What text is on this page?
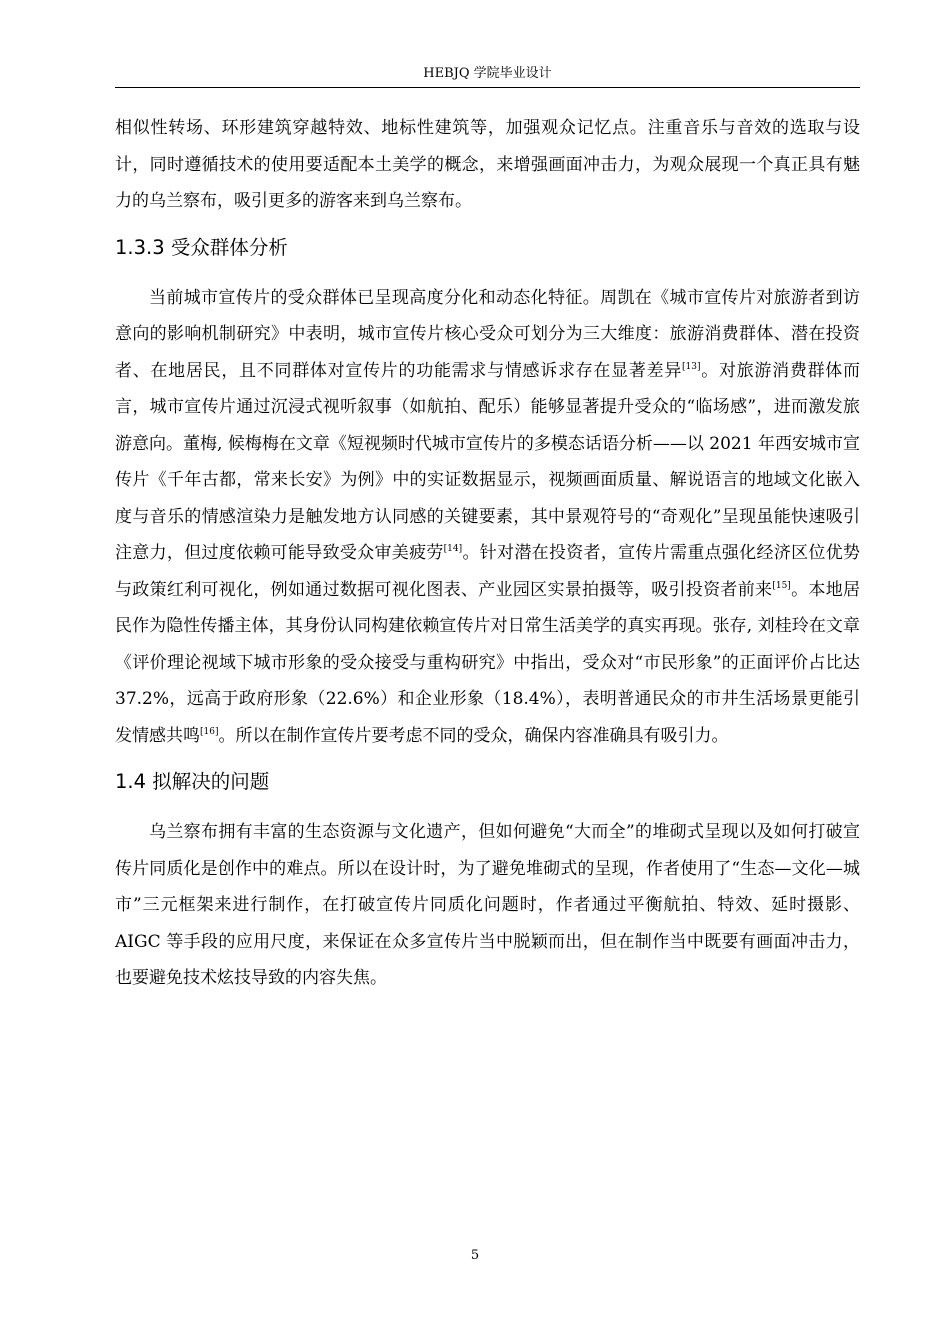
HEBJQ 学院毕业设计

相似性转场、环形建筑穿越特效、地标性建筑等，加强观众记忆点。注重音乐与音效的选取与设计，同时遵循技术的使用要适配本土美学的概念，来增强画面冲击力，为观众展现一个真正具有魅力的乌兰察布，吸引更多的游客来到乌兰察布。

1.3.3 受众群体分析

当前城市宣传片的受众群体已呈现高度分化和动态化特征。周凯在《城市宣传片对旅游者到访意向的影响机制研究》中表明，城市宣传片核心受众可划分为三大维度：旅游消费群体、潜在投资者、在地居民，且不同群体对宣传片的功能需求与情感诉求存在显著差异[13]。对旅游消费群体而言，城市宣传片通过沉浸式视听叙事（如航拍、配乐）能够显著提升受众的“临场感”，进而激发旅游意向。董梅, 候梅梅在文章《短视频时代城市宣传片的多模态话语分析——以 2021 年西安城市宣传片《千年古都，常来长安》为例》中的实证数据显示，视频画面质量、解说语言的地域文化嵌入度与音乐的情感渲染力是触发地方认同感的关键要素，其中景观符号的“奇观化”呈现虽能快速吸引注意力，但过度依赖可能导致受众审美疲劳[14]。针对潜在投资者，宣传片需重点强化经济区位优势与政策红利可视化，例如通过数据可视化图表、产业园区实景拍摄等，吸引投资者前来[15]。本地居民作为隐性传播主体，其身份认同构建依赖宣传片对日常生活美学的真实再现。张存, 刘桂玲在文章《评价理论视域下城市形象的受众接受与重构研究》中指出，受众对“市民形象”的正面评价占比达 37.2%，远高于政府形象（22.6%）和企业形象（18.4%），表明普通民众的市井生活场景更能引发情感共鸣[16]。所以在制作宣传片要考虑不同的受众，确保内容准确具有吸引力。

1.4 拟解决的问题

乌兰察布拥有丰富的生态资源与文化遗产，但如何避免“大而全”的堆砌式呈现以及如何打破宣传片同质化是创作中的难点。所以在设计时，为了避免堆砌式的呈现，作者使用了“生态—文化—城市”三元框架来进行制作，在打破宣传片同质化问题时，作者通过平衡航拍、特效、延时摄影、AIGC 等手段的应用尺度，来保证在众多宣传片当中脱颖而出，但在制作当中既要有画面冲击力，也要避免技术炫技导致的内容失焦。

5
